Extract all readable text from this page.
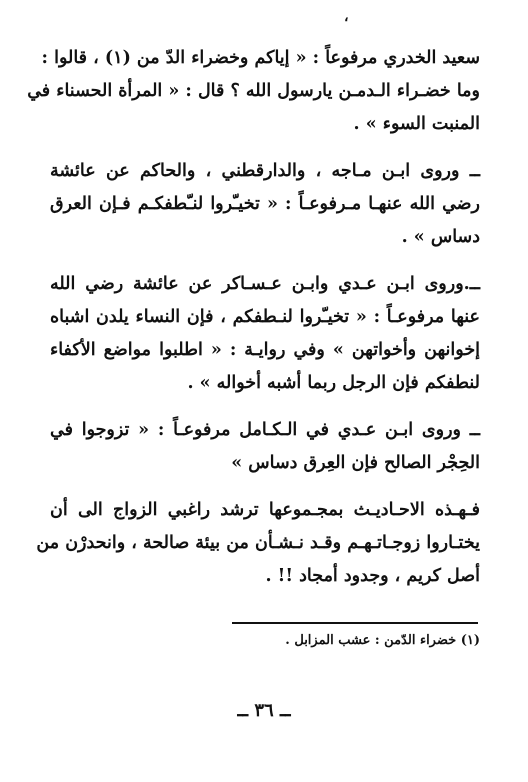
،

سعيد الخدري مرفوعاً : « إياكم وخضراء الدّ من (١) ، قالوا :
وما خضـراء الـدمـن يارسول الله ؟ قال : « المرأة الحسناء في
المنبت السوء » .

ــ وروى ابـن مـاجه ، والدارقطني ، والحاكم عن عائشة
رضي الله عنهـا مـرفوعـاً : « تخيـّروا لنـّطفكـم فـإن العرق
دساس » .

ــ.وروى ابـن عـدي وابـن عـسـاكر عن عائشة رضي الله
عنها مرفوعـاً : « تخيـّروا لنـطفكم ، فإن النساء يلدن اشباه
إخوانهن وأخواتهن » وفي روايـة : « اطلبوا مواضع الأكفاء
لنطفكم فإن الرجل ربما أشبه أخواله » .

ــ وروى ابـن عـدي في الـكـامل مرفوعـاً : « تزوجوا في
الحِجْر الصالح فإن العِرق دساس »

فـهـذه الاحـاديـث بمجـموعها ترشد راغبي الزواج الى أن
يختـاروا زوجـاتـهـم وقـد نـشـأن من بيئة صالحة ، وانحدرْن من
أصل كريم ، وجدود أمجاد !! .

(١) خضراء الدّمن : عشب المزابل .
ــ ٣٦ ــ
